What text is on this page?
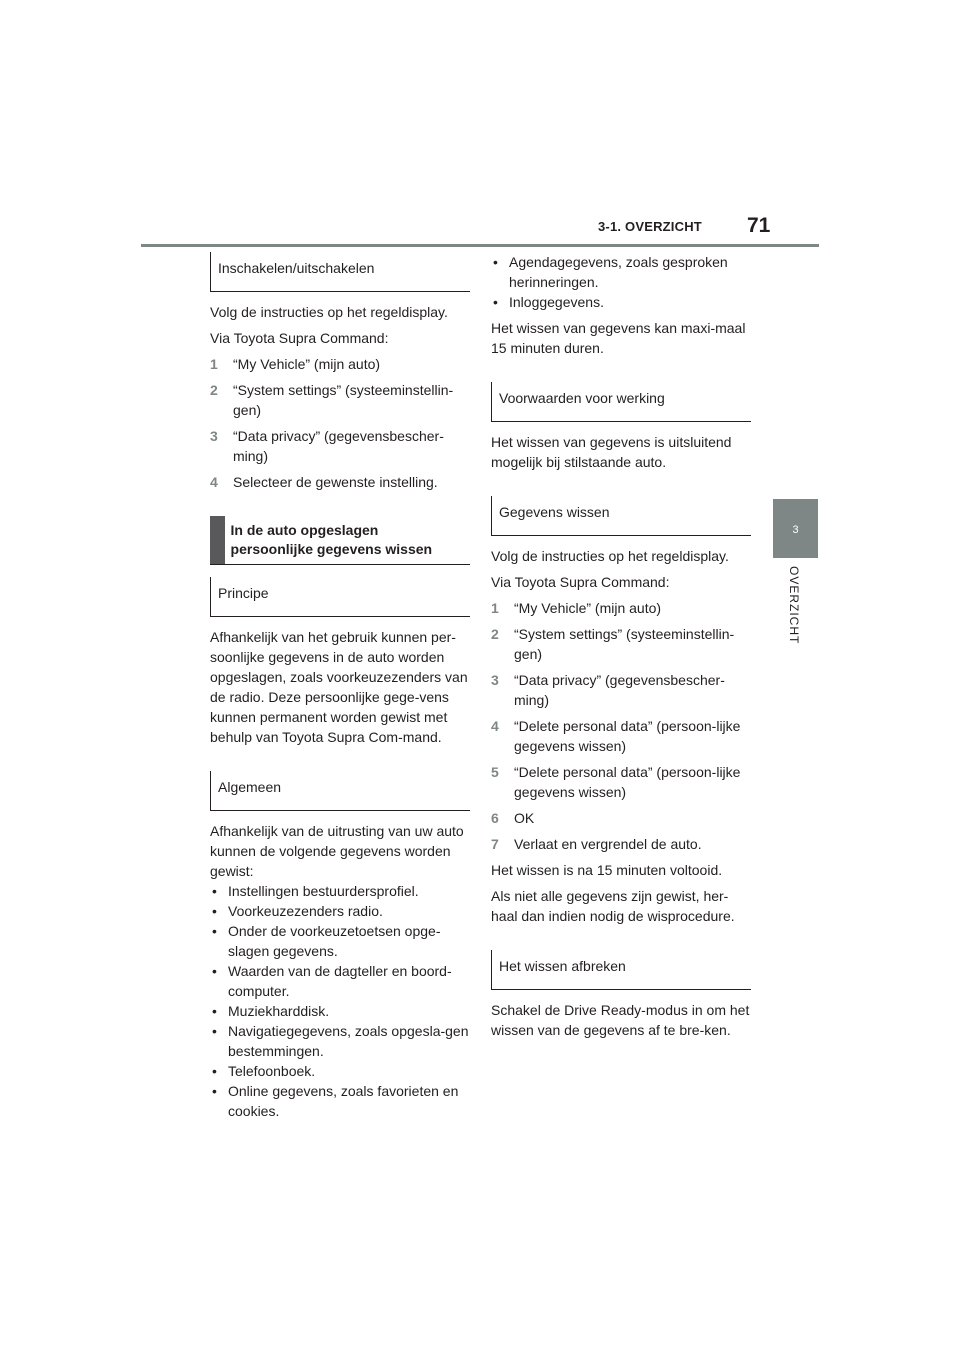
3-1. OVERZICHT 71
3
OVERZICHT
Inschakelen/uitschakelen

Volg de instructies op het regeldisplay.

Via Toyota Supra Command:

1 “My Vehicle” (mijn auto)
2 “System settings” (systeeminstellin-gen)
3 “Data privacy” (gegevensbescher-ming)
4 Selecteer de gewenste instelling.
In de auto opgeslagen persoonlijke gegevens wissen
Principe

Afhankelijk van het gebruik kunnen per-soonlijke gegevens in de auto worden opgeslagen, zoals voorkeuzezenders van de radio. Deze persoonlijke gege-vens kunnen permanent worden gewist met behulp van Toyota Supra Com-mand.

Algemeen

Afhankelijk van de uitrusting van uw auto kunnen de volgende gegevens worden gewist:

• Instellingen bestuurdersprofiel.
• Voorkeuzezenders radio.
• Onder de voorkeuzetoetsen opge-slagen gegevens.
• Waarden van de dagteller en boord-computer.
• Muziekharddisk.
• Navigatiegegevens, zoals opgesla-gen bestemmingen.
• Telefoonboek.
• Online gegevens, zoals favorieten en cookies.
• Agendagegevens, zoals gesproken herinneringen.
• Inloggegevens.

Het wissen van gegevens kan maxi-maal 15 minuten duren.

Voorwaarden voor werking

Het wissen van gegevens is uitsluitend mogelijk bij stilstaande auto.

Gegevens wissen

Volg de instructies op het regeldisplay.

Via Toyota Supra Command:

1 “My Vehicle” (mijn auto)
2 “System settings” (systeeminstellin-gen)
3 “Data privacy” (gegevensbescher-ming)
4 “Delete personal data” (persoon-lijke gegevens wissen)
5 “Delete personal data” (persoon-lijke gegevens wissen)
6 OK
7 Verlaat en vergrendel de auto.

Het wissen is na 15 minuten voltooid.

Als niet alle gegevens zijn gewist, her-haal dan indien nodig de wisprocedure.

Het wissen afbreken

Schakel de Drive Ready-modus in om het wissen van de gegevens af te bre-ken.
